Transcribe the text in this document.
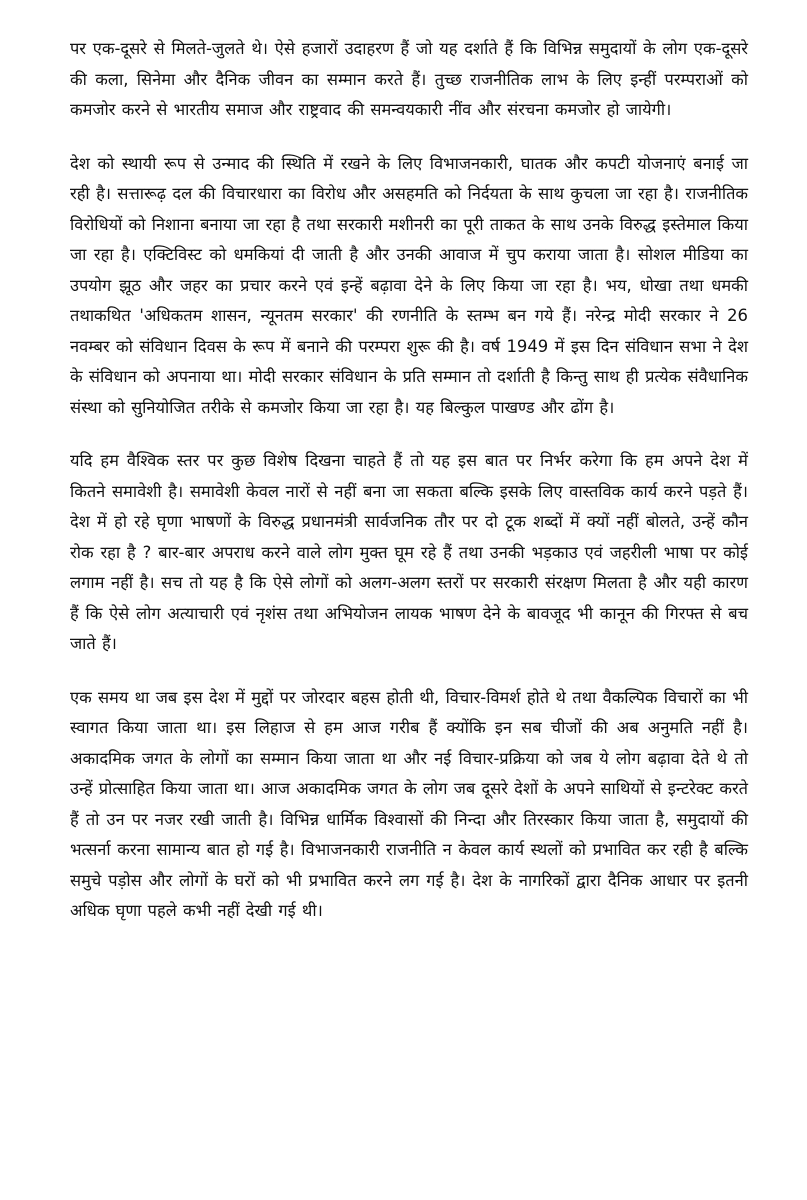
पर एक-दूसरे से मिलते-जुलते थे। ऐसे हजारों उदाहरण हैं जो यह दर्शाते हैं कि विभिन्न समुदायों के लोग एक-दूसरे की कला, सिनेमा और दैनिक जीवन का सम्मान करते हैं। तुच्छ राजनीतिक लाभ के लिए इन्हीं परम्पराओं को कमजोर करने से भारतीय समाज और राष्ट्रवाद की समन्वयकारी नींव और संरचना कमजोर हो जायेगी।

देश को स्थायी रूप से उन्माद की स्थिति में रखने के लिए विभाजनकारी, घातक और कपटी योजनाएं बनाई जा रही है। सत्तारूढ़ दल की विचारधारा का विरोध और असहमति को निर्दयता के साथ कुचला जा रहा है। राजनीतिक विरोधियों को निशाना बनाया जा रहा है तथा सरकारी मशीनरी का पूरी ताकत के साथ उनके विरुद्ध इस्तेमाल किया जा रहा है। एक्टिविस्ट को धमकियां दी जाती है और उनकी आवाज में चुप कराया जाता है। सोशल मीडिया का उपयोग झूठ और जहर का प्रचार करने एवं इन्हें बढ़ावा देने के लिए किया जा रहा है। भय, धोखा तथा धमकी तथाकथित 'अधिकतम शासन, न्यूनतम सरकार' की रणनीति के स्तम्भ बन गये हैं। नरेन्द्र मोदी सरकार ने 26 नवम्बर को संविधान दिवस के रूप में बनाने की परम्परा शुरू की है। वर्ष 1949 में इस दिन संविधान सभा ने देश के संविधान को अपनाया था। मोदी सरकार संविधान के प्रति सम्मान तो दर्शाती है किन्तु साथ ही प्रत्येक संवैधानिक संस्था को सुनियोजित तरीके से कमजोर किया जा रहा है। यह बिल्कुल पाखण्ड और ढोंग है।

यदि हम वैश्विक स्तर पर कुछ विशेष दिखना चाहते हैं तो यह इस बात पर निर्भर करेगा कि हम अपने देश में कितने समावेशी है। समावेशी केवल नारों से नहीं बना जा सकता बल्कि इसके लिए वास्तविक कार्य करने पड़ते हैं। देश में हो रहे घृणा भाषणों के विरुद्ध प्रधानमंत्री सार्वजनिक तौर पर दो टूक शब्दों में क्यों नहीं बोलते, उन्हें कौन रोक रहा है ? बार-बार अपराध करने वाले लोग मुक्त घूम रहे हैं तथा उनकी भड़काउ एवं जहरीली भाषा पर कोई लगाम नहीं है। सच तो यह है कि ऐसे लोगों को अलग-अलग स्तरों पर सरकारी संरक्षण मिलता है और यही कारण हैं कि ऐसे लोग अत्याचारी एवं नृशंस तथा अभियोजन लायक भाषण देने के बावजूद भी कानून की गिरफ्त से बच जाते हैं।

एक समय था जब इस देश में मुद्दों पर जोरदार बहस होती थी, विचार-विमर्श होते थे तथा वैकल्पिक विचारों का भी स्वागत किया जाता था। इस लिहाज से हम आज गरीब हैं क्योंकि इन सब चीजों की अब अनुमति नहीं है। अकादमिक जगत के लोगों का सम्मान किया जाता था और नई विचार-प्रक्रिया को जब ये लोग बढ़ावा देते थे तो उन्हें प्रोत्साहित किया जाता था। आज अकादमिक जगत के लोग जब दूसरे देशों के अपने साथियों से इन्टरेक्ट करते हैं तो उन पर नजर रखी जाती है। विभिन्न धार्मिक विश्वासों की निन्दा और तिरस्कार किया जाता है, समुदायों की भत्सर्ना करना सामान्य बात हो गई है। विभाजनकारी राजनीति न केवल कार्य स्थलों को प्रभावित कर रही है बल्कि समुचे पड़ोस और लोगों के घरों को भी प्रभावित करने लग गई है। देश के नागरिकों द्वारा दैनिक आधार पर इतनी अधिक घृणा पहले कभी नहीं देखी गई थी।
